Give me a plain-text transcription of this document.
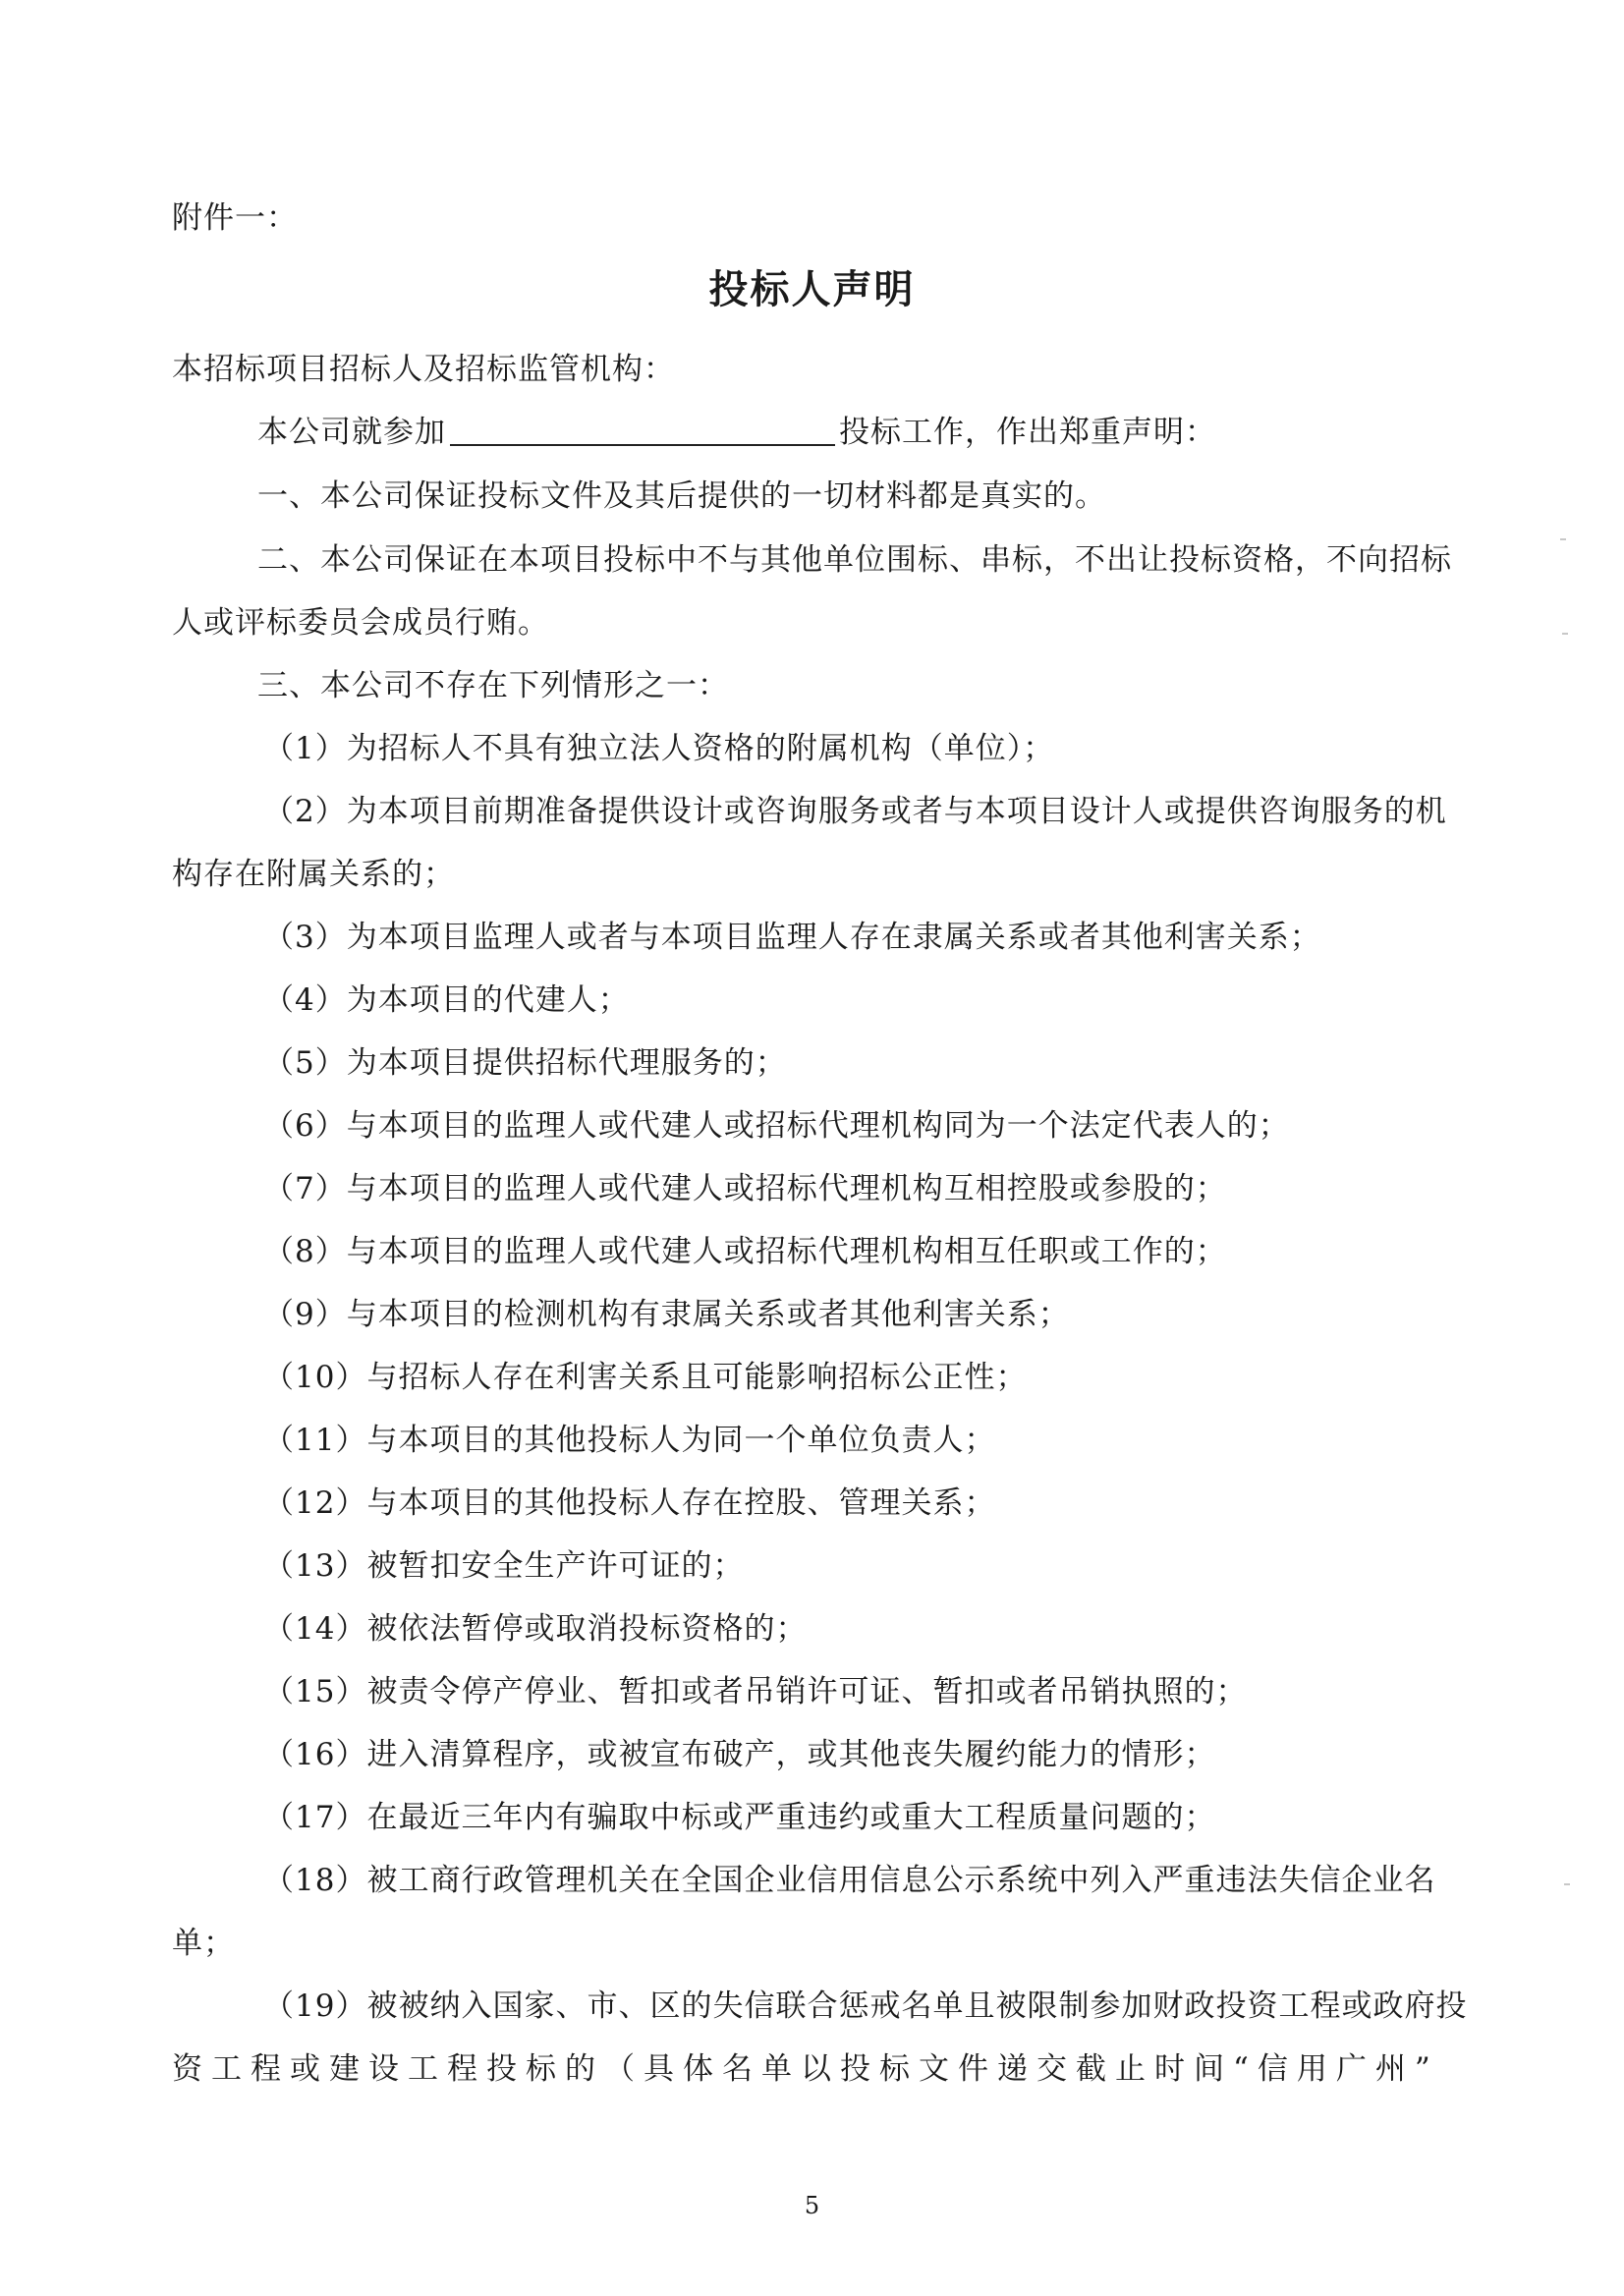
附件一：
投标人声明
本招标项目招标人及招标监管机构：
本公司就参加	投标工作，作出郑重声明：
一、本公司保证投标文件及其后提供的一切材料都是真实的。
二、本公司保证在本项目投标中不与其他单位围标、串标，不出让投标资格，不向招标
人或评标委员会成员行贿。
三、本公司不存在下列情形之一：
（1）为招标人不具有独立法人资格的附属机构（单位）；
（2）为本项目前期准备提供设计或咨询服务或者与本项目设计人或提供咨询服务的机
构存在附属关系的；
（3）为本项目监理人或者与本项目监理人存在隶属关系或者其他利害关系；
（4）为本项目的代建人；
（5）为本项目提供招标代理服务的；
（6）与本项目的监理人或代建人或招标代理机构同为一个法定代表人的；
（7）与本项目的监理人或代建人或招标代理机构互相控股或参股的；
（8）与本项目的监理人或代建人或招标代理机构相互任职或工作的；
（9）与本项目的检测机构有隶属关系或者其他利害关系；
（10）与招标人存在利害关系且可能影响招标公正性；
（11）与本项目的其他投标人为同一个单位负责人；
（12）与本项目的其他投标人存在控股、管理关系；
（13）被暂扣安全生产许可证的；
（14）被依法暂停或取消投标资格的；
（15）被责令停产停业、暂扣或者吊销许可证、暂扣或者吊销执照的；
（16）进入清算程序，或被宣布破产，或其他丧失履约能力的情形；
（17）在最近三年内有骗取中标或严重违约或重大工程质量问题的；
（18）被工商行政管理机关在全国企业信用信息公示系统中列入严重违法失信企业名
单；
（19）被被纳入国家、市、区的失信联合惩戒名单且被限制参加财政投资工程或政府投
资工程或建设工程投标的（具体名单以投标文件递交截止时间“信用广州”
5
